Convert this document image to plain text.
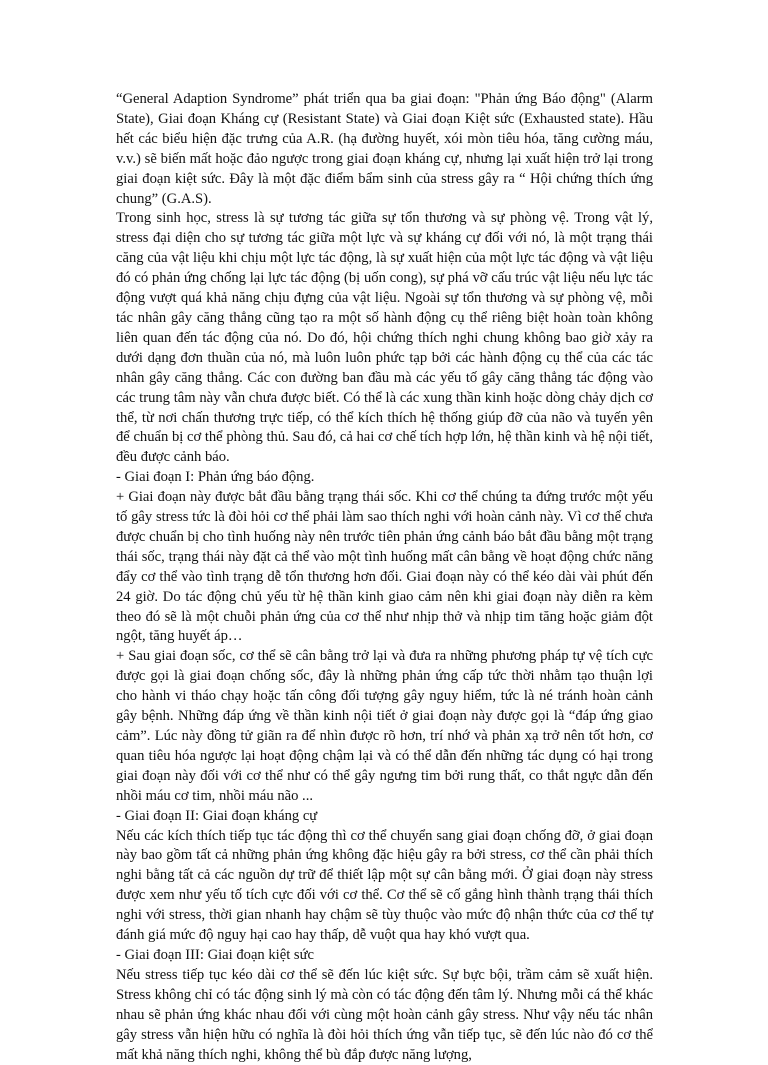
“General Adaption Syndrome” phát triển qua ba giai đoạn: "Phản ứng Báo động" (Alarm State), Giai đoạn Kháng cự (Resistant State) và Giai đoạn Kiệt sức (Exhausted state). Hầu hết các biểu hiện đặc trưng của A.R. (hạ đường huyết, xói mòn tiêu hóa, tăng cường máu, v.v.) sẽ biến mất hoặc đảo ngược trong giai đoạn kháng cự, nhưng lại xuất hiện trở lại trong giai đoạn kiệt sức. Đây là một đặc điểm bẩm sinh của stress gây ra “ Hội chứng thích ứng chung” (G.A.S).

Trong sinh học, stress là sự tương tác giữa sự tổn thương và sự phòng vệ. Trong vật lý, stress đại diện cho sự tương tác giữa một lực và sự kháng cự đối với nó, là một trạng thái căng của vật liệu khi chịu một lực tác động, là sự xuất hiện của một lực tác động và vật liệu đó có phản ứng chống lại lực tác động (bị uốn cong), sự phá vỡ cấu trúc vật liệu nếu lực tác động vượt quá khả năng chịu đựng của vật liệu. Ngoài sự tổn thương và sự phòng vệ, mỗi tác nhân gây căng thẳng cũng tạo ra một số hành động cụ thể riêng biệt hoàn toàn không liên quan đến tác động của nó. Do đó, hội chứng thích nghi chung không bao giờ xảy ra dưới dạng đơn thuần của nó, mà luôn luôn phức tạp bởi các hành động cụ thể của các tác nhân gây căng thẳng. Các con đường ban đầu mà các yếu tố gây căng thẳng tác động vào các trung tâm này vẫn chưa được biết. Có thể là các xung thần kinh hoặc dòng chảy dịch cơ thể, từ nơi chấn thương trực tiếp, có thể kích thích hệ thống giúp đỡ của não và tuyến yên để chuẩn bị cơ thể phòng thủ. Sau đó, cả hai cơ chế tích hợp lớn, hệ thần kinh và hệ nội tiết, đều được cảnh báo.

- Giai đoạn I: Phản ứng báo động.

+ Giai đoạn này được bắt đầu bằng trạng thái sốc. Khi cơ thể chúng ta đứng trước một yếu tố gây stress tức là đòi hỏi cơ thể phải làm sao thích nghi với hoàn cảnh này. Vì cơ thể chưa được chuẩn bị cho tình huống này nên trước tiên phản ứng cảnh báo bắt đầu bằng một trạng thái sốc, trạng thái này đặt cả thể vào một tình huống mất cân bằng về hoạt động chức năng đẩy cơ thể vào tình trạng dễ tổn thương hơn đối. Giai đoạn này có thể kéo dài vài phút đến 24 giờ. Do tác động chủ yếu từ hệ thần kinh giao cảm nên khi giai đoạn này diễn ra kèm theo đó sẽ là một chuỗi phản ứng của cơ thể như nhịp thở và nhịp tim tăng hoặc giảm đột ngột, tăng huyết áp…

+ Sau giai đoạn sốc, cơ thể sẽ cân bằng trở lại và đưa ra những phương pháp tự vệ tích cực được gọi là giai đoạn chống sốc, đây là những phản ứng cấp tức thời nhằm tạo thuận lợi cho hành vi tháo chạy hoặc tấn công đối tượng gây nguy hiểm, tức là né tránh hoàn cảnh gây bệnh. Những đáp ứng về thần kinh nội tiết ở giai đoạn này được gọi là “đáp ứng giao cảm”. Lúc này đồng tử giãn ra để nhìn được rõ hơn, trí nhớ và phản xạ trở nên tốt hơn, cơ quan tiêu hóa ngược lại hoạt động chậm lại và có thể dẫn đến những tác dụng có hại trong giai đoạn này đối với cơ thể như có thể gây ngưng tim bởi rung thất, co thắt ngực dẫn đến nhồi máu cơ tim, nhồi máu não ...

- Giai đoạn II: Giai đoạn kháng cự

Nếu các kích thích tiếp tục tác động thì cơ thể chuyển sang giai đoạn chống đỡ, ở giai đoạn này bao gồm tất cả những phản ứng không đặc hiệu gây ra bởi stress, cơ thể cần phải thích nghi bằng tất cả các nguồn dự trữ để thiết lập một sự cân bằng mới. Ở giai đoạn này stress được xem như yếu tố tích cực đối với cơ thể. Cơ thể sẽ cố gắng hình thành trạng thái thích nghi với stress, thời gian nhanh hay chậm sẽ tùy thuộc vào mức độ nhận thức của cơ thể tự đánh giá mức độ nguy hại cao hay thấp, dễ vuột qua hay khó vượt qua.

- Giai đoạn III: Giai đoạn kiệt sức

Nếu stress tiếp tục kéo dài cơ thể sẽ đến lúc kiệt sức. Sự bực bội, trầm cảm sẽ xuất hiện. Stress không chỉ có tác động sinh lý mà còn có tác động đến tâm lý. Nhưng mỗi cá thể khác nhau sẽ phản ứng khác nhau đối với cùng một hoàn cảnh gây stress. Như vậy nếu tác nhân gây stress vẫn hiện hữu có nghĩa là đòi hỏi thích ứng vẫn tiếp tục, sẽ đến lúc nào đó cơ thể mất khả năng thích nghi, không thể bù đắp được năng lượng,
